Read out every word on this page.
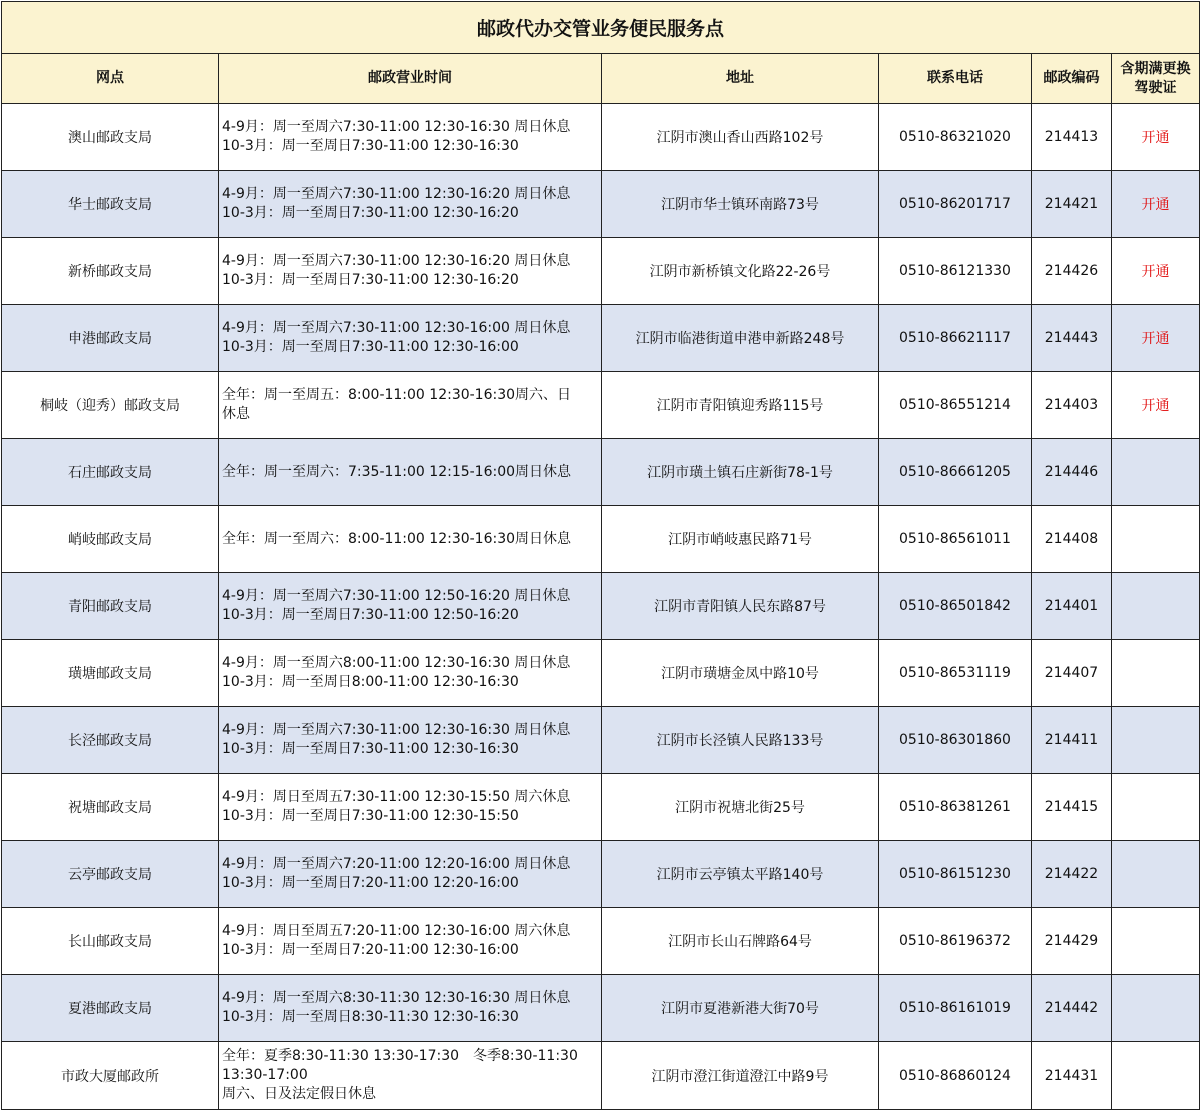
邮政代办交管业务便民服务点					
网点	邮政营业时间	地址	联系电话	邮政编码	含期满更换
驾驶证
澳山邮政支局	4-9月：周一至周六7:30-11:00 12:30-16:30 周日休息
10-3月：周一至周日7:30-11:00 12:30-16:30	江阴市澳山香山西路102号	0510-86321020	214413	开通
华士邮政支局	4-9月：周一至周六7:30-11:00 12:30-16:20 周日休息
10-3月：周一至周日7:30-11:00 12:30-16:20	江阴市华士镇环南路73号	0510-86201717	214421	开通
新桥邮政支局	4-9月：周一至周六7:30-11:00 12:30-16:20 周日休息
10-3月：周一至周日7:30-11:00 12:30-16:20	江阴市新桥镇文化路22-26号	0510-86121330	214426	开通
申港邮政支局	4-9月：周一至周六7:30-11:00 12:30-16:00 周日休息
10-3月：周一至周日7:30-11:00 12:30-16:00	江阴市临港街道申港申新路248号	0510-86621117	214443	开通
桐岐（迎秀）邮政支局	全年：周一至周五：8:00-11:00 12:30-16:30周六、日
休息	江阴市青阳镇迎秀路115号	0510-86551214	214403	开通
石庄邮政支局	全年：周一至周六：7:35-11:00 12:15-16:00周日休息	江阴市璜土镇石庄新街78-1号	0510-86661205	214446	
峭岐邮政支局	全年：周一至周六：8:00-11:00 12:30-16:30周日休息	江阴市峭岐惠民路71号	0510-86561011	214408	
青阳邮政支局	4-9月：周一至周六7:30-11:00 12:50-16:20 周日休息
10-3月：周一至周日7:30-11:00 12:50-16:20	江阴市青阳镇人民东路87号	0510-86501842	214401	
璜塘邮政支局	4-9月：周一至周六8:00-11:00 12:30-16:30 周日休息
10-3月：周一至周日8:00-11:00 12:30-16:30	江阴市璜塘金凤中路10号	0510-86531119	214407	
长泾邮政支局	4-9月：周一至周六7:30-11:00 12:30-16:30 周日休息
10-3月：周一至周日7:30-11:00 12:30-16:30	江阴市长泾镇人民路133号	0510-86301860	214411	
祝塘邮政支局	4-9月：周日至周五7:30-11:00 12:30-15:50 周六休息
10-3月：周一至周日7:30-11:00 12:30-15:50	江阴市祝塘北街25号	0510-86381261	214415	
云亭邮政支局	4-9月：周一至周六7:20-11:00 12:20-16:00 周日休息
10-3月：周一至周日7:20-11:00 12:20-16:00	江阴市云亭镇太平路140号	0510-86151230	214422	
长山邮政支局	4-9月：周日至周五7:20-11:00 12:30-16:00 周六休息
10-3月：周一至周日7:20-11:00 12:30-16:00	江阴市长山石牌路64号	0510-86196372	214429	
夏港邮政支局	4-9月：周一至周六8:30-11:30 12:30-16:30 周日休息
10-3月：周一至周日8:30-11:30 12:30-16:30	江阴市夏港新港大街70号	0510-86161019	214442	
市政大厦邮政所	全年：夏季8:30-11:30 13:30-17:30　冬季8:30-11:30
13:30-17:00
周六、日及法定假日休息	江阴市澄江街道澄江中路9号	0510-86860124	214431	
